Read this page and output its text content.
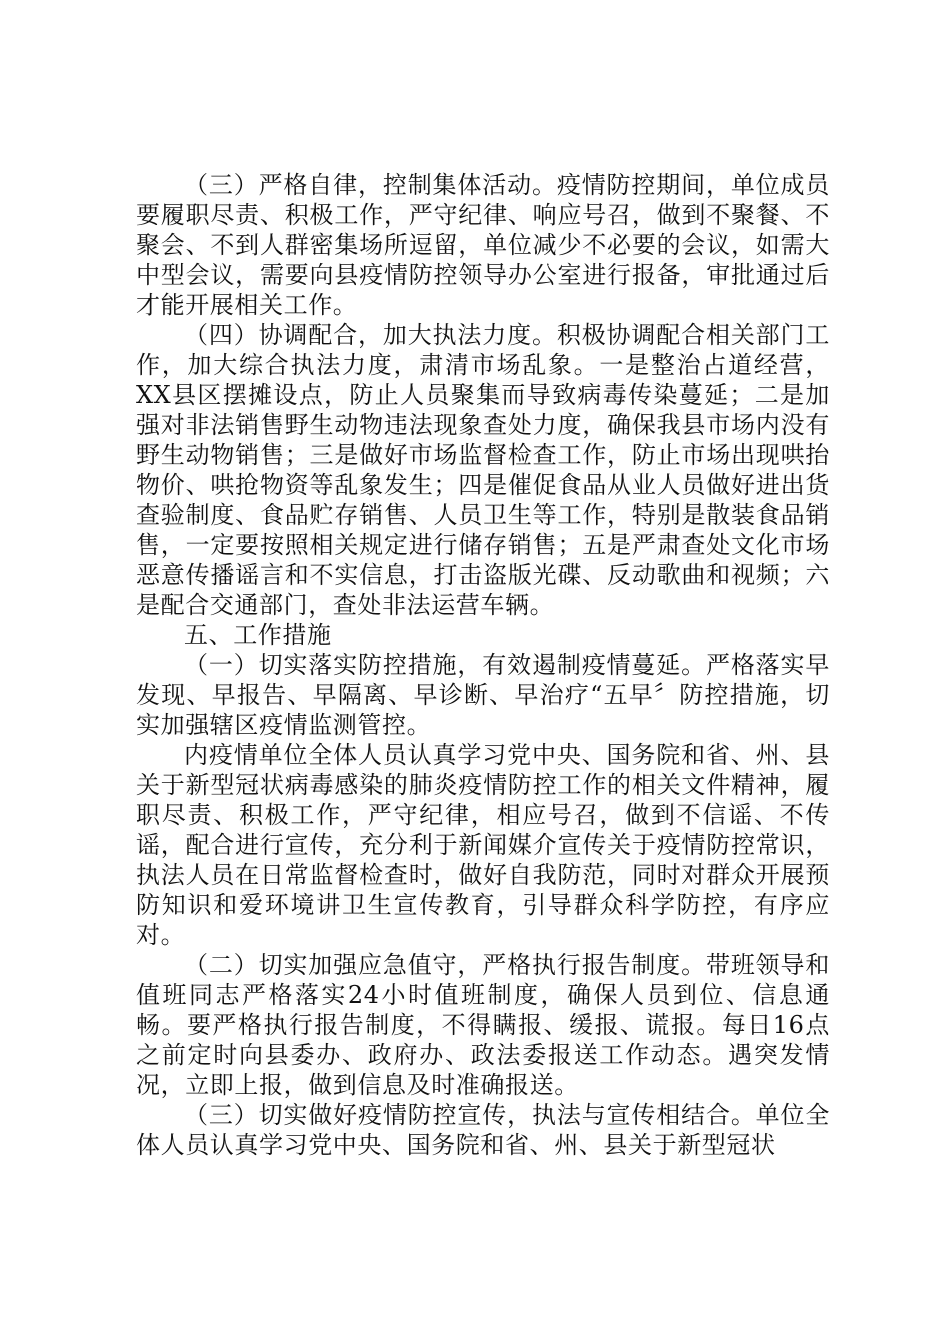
（三）严格自律，控制集体活动。疫情防控期间，单位成员要履职尽责、积极工作，严守纪律、响应号召，做到不聚餐、不聚会、不到人群密集场所逗留，单位减少不必要的会议，如需大中型会议，需要向县疫情防控领导办公室进行报备，审批通过后才能开展相关工作。

（四）协调配合，加大执法力度。积极协调配合相关部门工作，加大综合执法力度，肃清市场乱象。一是整治占道经营，XX县区摆摊设点，防止人员聚集而导致病毒传染蔓延；二是加强对非法销售野生动物违法现象查处力度，确保我县市场内没有野生动物销售；三是做好市场监督检查工作，防止市场出现哄抬物价、哄抢物资等乱象发生；四是催促食品从业人员做好进出货查验制度、食品贮存销售、人员卫生等工作，特别是散装食品销售，一定要按照相关规定进行储存销售；五是严肃查处文化市场恶意传播谣言和不实信息，打击盗版光碟、反动歌曲和视频；六是配合交通部门，查处非法运营车辆。

五、工作措施

（一）切实落实防控措施，有效遏制疫情蔓延。严格落实早发现、早报告、早隔离、早诊断、早治疗“五早〞防控措施，切实加强辖区疫情监测管控。

内疫情单位全体人员认真学习党中央、国务院和省、州、县关于新型冠状病毒感染的肺炎疫情防控工作的相关文件精神，履职尽责、积极工作，严守纪律，相应号召，做到不信谣、不传谣，配合进行宣传，充分利于新闻媒介宣传关于疫情防控常识，执法人员在日常监督检查时，做好自我防范，同时对群众开展预防知识和爱环境讲卫生宣传教育，引导群众科学防控，有序应对。

（二）切实加强应急值守，严格执行报告制度。带班领导和值班同志严格落实24小时值班制度，确保人员到位、信息通畅。要严格执行报告制度，不得瞒报、缓报、谎报。每日16点之前定时向县委办、政府办、政法委报送工作动态。遇突发情况，立即上报，做到信息及时准确报送。

（三）切实做好疫情防控宣传，执法与宣传相结合。单位全体人员认真学习党中央、国务院和省、州、县关于新型冠状
